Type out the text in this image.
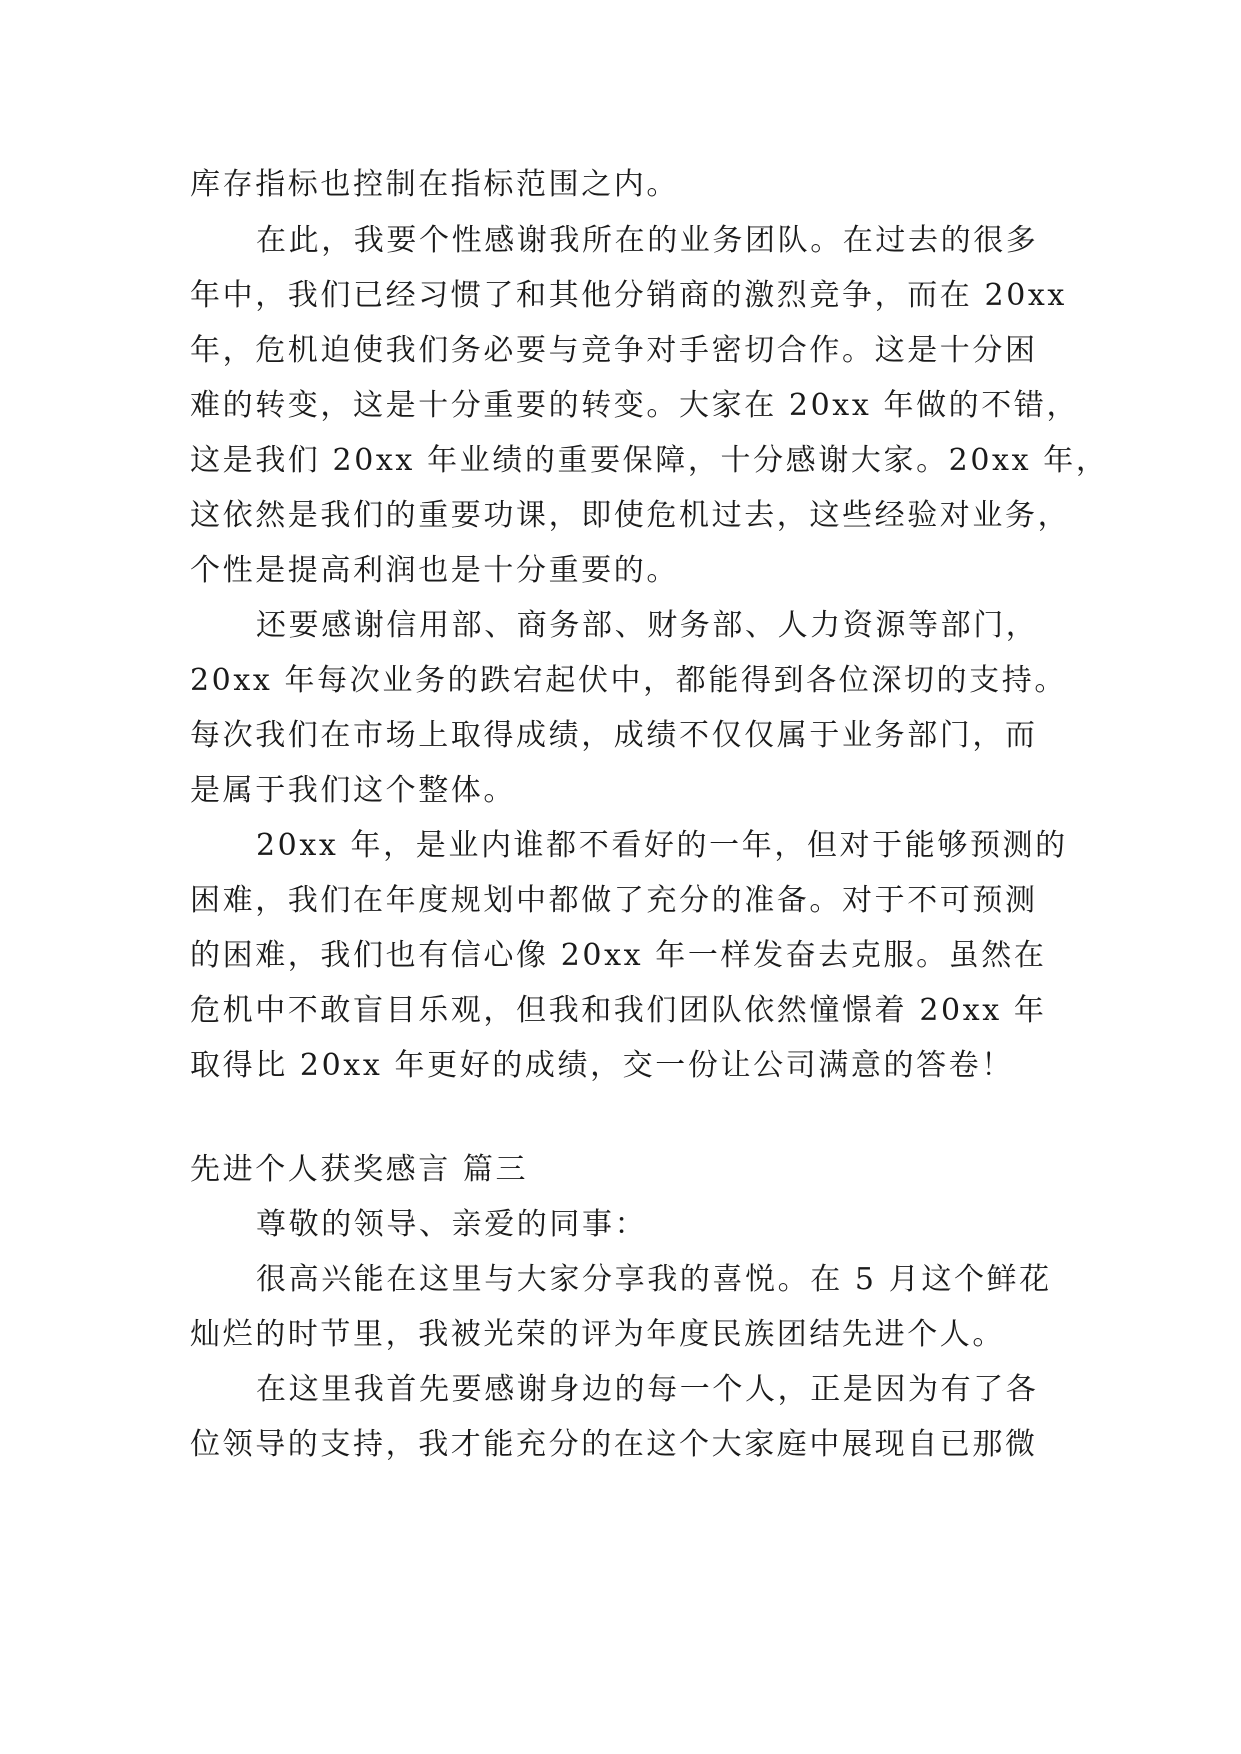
库存指标也控制在指标范围之内。
在此，我要个性感谢我所在的业务团队。在过去的很多
年中，我们已经习惯了和其他分销商的激烈竞争，而在 20xx
年，危机迫使我们务必要与竞争对手密切合作。这是十分困
难的转变，这是十分重要的转变。大家在 20xx 年做的不错，
这是我们 20xx 年业绩的重要保障，十分感谢大家。20xx 年，
这依然是我们的重要功课，即使危机过去，这些经验对业务，
个性是提高利润也是十分重要的。
还要感谢信用部、商务部、财务部、人力资源等部门，
20xx 年每次业务的跌宕起伏中，都能得到各位深切的支持。
每次我们在市场上取得成绩，成绩不仅仅属于业务部门，而
是属于我们这个整体。
20xx 年，是业内谁都不看好的一年，但对于能够预测的
困难，我们在年度规划中都做了充分的准备。对于不可预测
的困难，我们也有信心像 20xx 年一样发奋去克服。虽然在
危机中不敢盲目乐观，但我和我们团队依然憧憬着 20xx 年
取得比 20xx 年更好的成绩，交一份让公司满意的答卷！
先进个人获奖感言 篇三
尊敬的领导、亲爱的同事：
很高兴能在这里与大家分享我的喜悦。在 5 月这个鲜花
灿烂的时节里，我被光荣的评为年度民族团结先进个人。
在这里我首先要感谢身边的每一个人，正是因为有了各
位领导的支持，我才能充分的在这个大家庭中展现自已那微
